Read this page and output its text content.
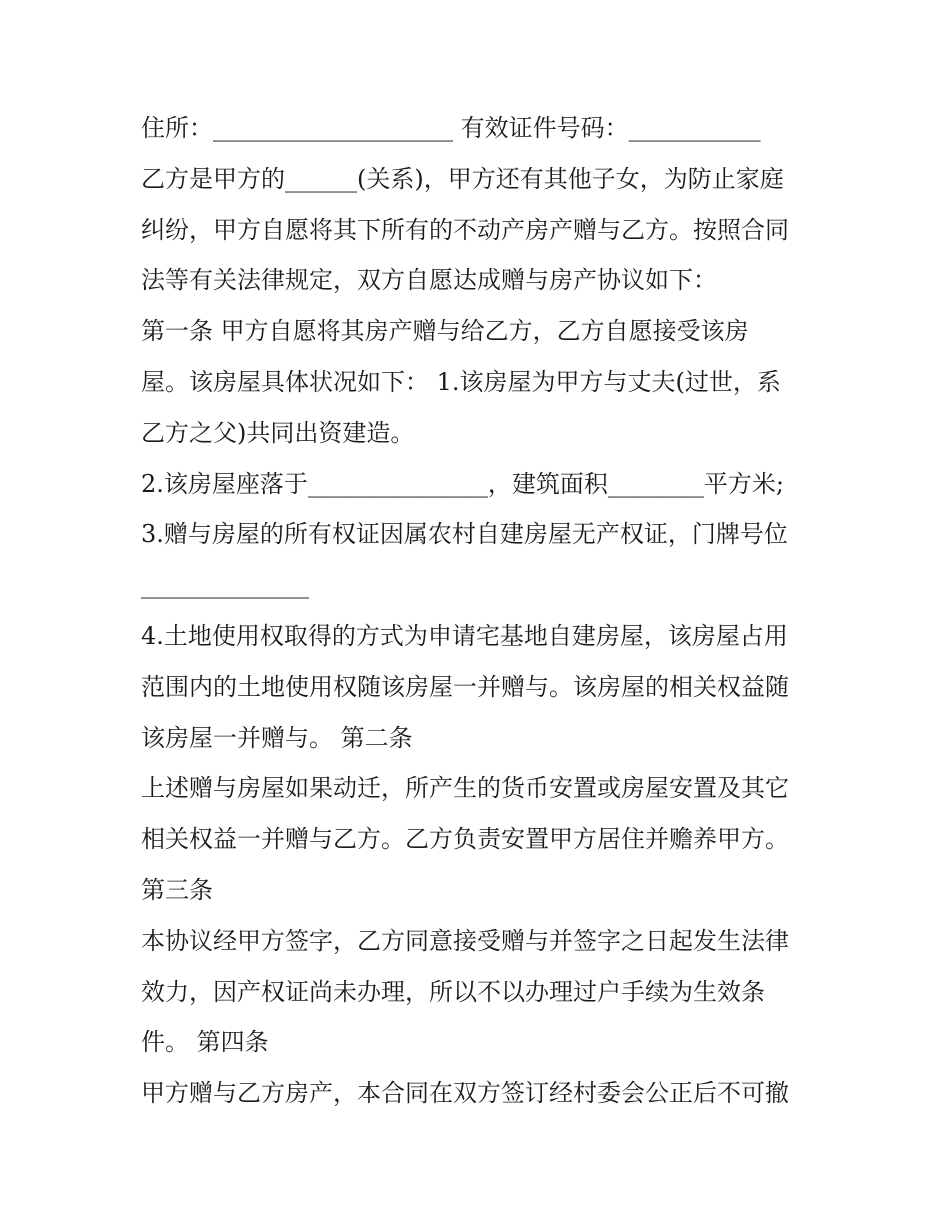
住所：____________________ 有效证件号码：___________
乙方是甲方的______(关系)，甲方还有其他子女，为防止家庭
纠纷，甲方自愿将其下所有的不动产房产赠与乙方。按照合同
法等有关法律规定，双方自愿达成赠与房产协议如下：
第一条 甲方自愿将其房产赠与给乙方，乙方自愿接受该房
屋。该房屋具体状况如下： 1.该房屋为甲方与丈夫(过世，系
乙方之父)共同出资建造。
2.该房屋座落于_______________，建筑面积________平方米;
3.赠与房屋的所有权证因属农村自建房屋无产权证，门牌号位
______________
4.土地使用权取得的方式为申请宅基地自建房屋，该房屋占用
范围内的土地使用权随该房屋一并赠与。该房屋的相关权益随
该房屋一并赠与。 第二条
上述赠与房屋如果动迁，所产生的货币安置或房屋安置及其它
相关权益一并赠与乙方。乙方负责安置甲方居住并赡养甲方。
第三条
本协议经甲方签字，乙方同意接受赠与并签字之日起发生法律
效力，因产权证尚未办理，所以不以办理过户手续为生效条
件。 第四条
甲方赠与乙方房产，本合同在双方签订经村委会公正后不可撤
